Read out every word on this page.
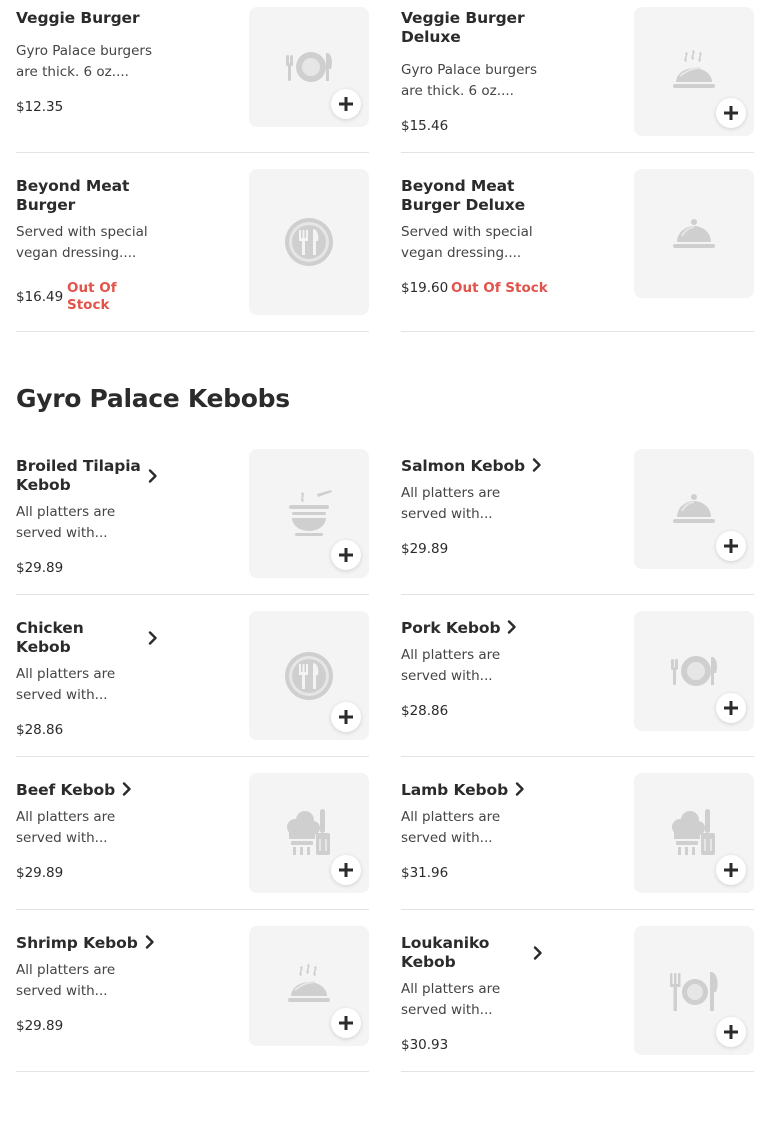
Veggie Burger
Gyro Palace burgers are thick. 6 oz....
$12.35
Veggie Burger Deluxe
Gyro Palace burgers are thick. 6 oz....
$15.46
Beyond Meat Burger
Served with special vegan dressing....
$16.49
Out Of Stock
Beyond Meat Burger Deluxe
Served with special vegan dressing....
$19.60 Out Of Stock
Gyro Palace Kebobs
Broiled Tilapia Kebob
All platters are served with...
$29.89
Salmon Kebob
All platters are served with...
$29.89
Chicken Kebob
All platters are served with...
$28.86
Pork Kebob
All platters are served with...
$28.86
Beef Kebob
All platters are served with...
$29.89
Lamb Kebob
All platters are served with...
$31.96
Shrimp Kebob
All platters are served with...
$29.89
Loukaniko Kebob
All platters are served with...
$30.93
